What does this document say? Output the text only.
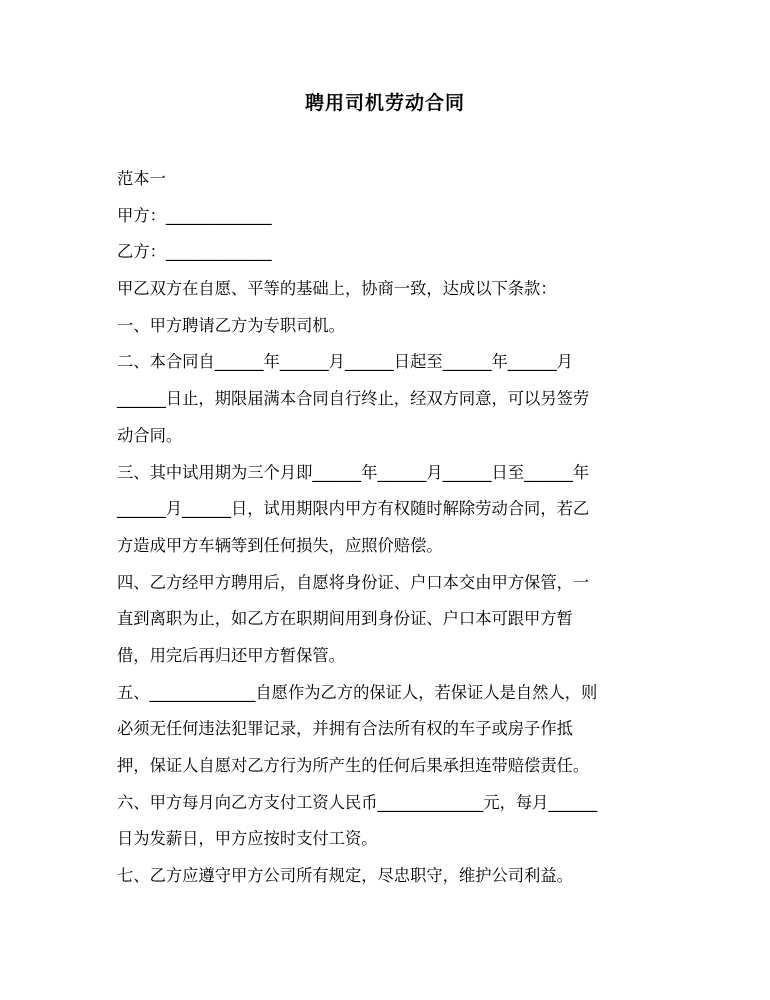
聘用司机劳动合同
范本一
甲方：_____________
乙方：_____________
甲乙双方在自愿、平等的基础上，协商一致，达成以下条款：
一、甲方聘请乙方为专职司机。
二、本合同自______年______月______日起至______年______月
______日止，期限届满本合同自行终止，经双方同意，可以另签劳
动合同。
三、其中试用期为三个月即______年______月______日至______年
______月______日，试用期限内甲方有权随时解除劳动合同，若乙
方造成甲方车辆等到任何损失，应照价赔偿。
四、乙方经甲方聘用后，自愿将身份证、户口本交由甲方保管，一
直到离职为止，如乙方在职期间用到身份证、户口本可跟甲方暂
借，用完后再归还甲方暂保管。
五、_____________自愿作为乙方的保证人，若保证人是自然人，则
必须无任何违法犯罪记录，并拥有合法所有权的车子或房子作抵
押，保证人自愿对乙方行为所产生的任何后果承担连带赔偿责任。
六、甲方每月向乙方支付工资人民币_____________元，每月______
日为发薪日，甲方应按时支付工资。
七、乙方应遵守甲方公司所有规定，尽忠职守，维护公司利益。
